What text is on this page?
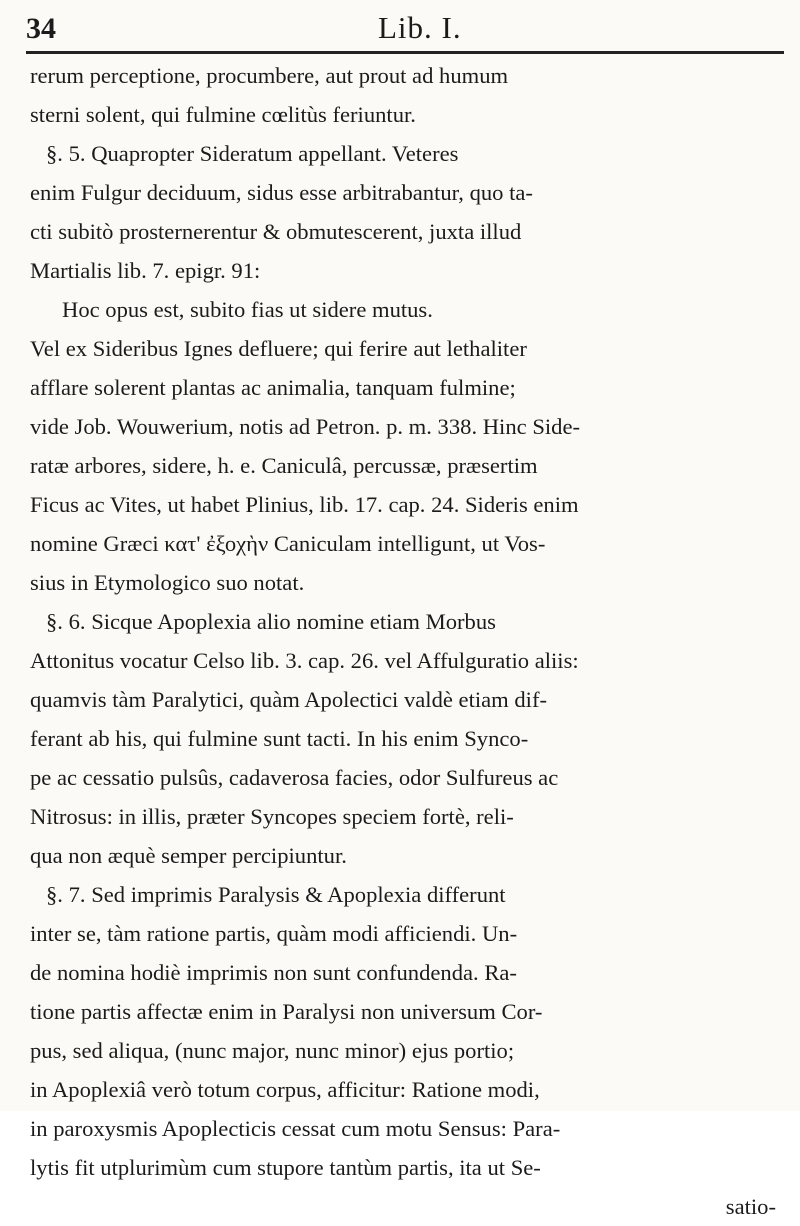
34	Lib. I.
rerum perceptione, procumbere, aut prout ad humum
sterni solent, qui fulmine cœlitùs feriuntur.
§. 5. Quapropter Sideratum appellant. Veteres
enim Fulgur deciduum, sidus esse arbitrabantur, quo ta-
cti subitò prosternerentur & obmutescerent, juxta illud
Martialis lib. 7. epigr. 91:
Hoc opus est, subito fias ut sidere mutus.
Vel ex Sideribus Ignes defluere; qui ferire aut lethaliter
afflare solerent plantas ac animalia, tanquam fulmine;
vide Job. Wouwerium, notis ad Petron. p. m. 338. Hinc Side-
ratæ arbores, sidere, h. e. Caniculâ, percussæ, præsertim
Ficus ac Vites, ut habet Plinius, lib. 17. cap. 24. Sideris enim
nomine Græci κατ' ἐξοχὴν Caniculam intelligunt, ut Vos-
sius in Etymologico suo notat.
§. 6. Sicque Apoplexia alio nomine etiam Morbus
Attonitus vocatur Celso lib. 3. cap. 26. vel Affulguratio aliis:
quamvis tàm Paralytici, quàm Apolectici valdè etiam dif-
ferant ab his, qui fulmine sunt tacti. In his enim Synco-
pe ac cessatio pulsûs, cadaverosa facies, odor Sulfureus ac
Nitrosus: in illis, præter Syncopes speciem fortè, reli-
qua non æquè semper percipiuntur.
§. 7. Sed imprimis Paralysis & Apoplexia differunt
inter se, tàm ratione partis, quàm modi afficiendi. Un-
de nomina hodiè imprimis non sunt confundenda. Ra-
tione partis affectæ enim in Paralysi non universum Cor-
pus, sed aliqua, (nunc major, nunc minor) ejus portio;
in Apoplexiâ verò totum corpus, afficitur: Ratione modi,
in paroxysmis Apoplecticis cessat cum motu Sensus: Para-
lytis fit utplurimùm cum stupore tantùm partis, ita ut Se-
satio-
